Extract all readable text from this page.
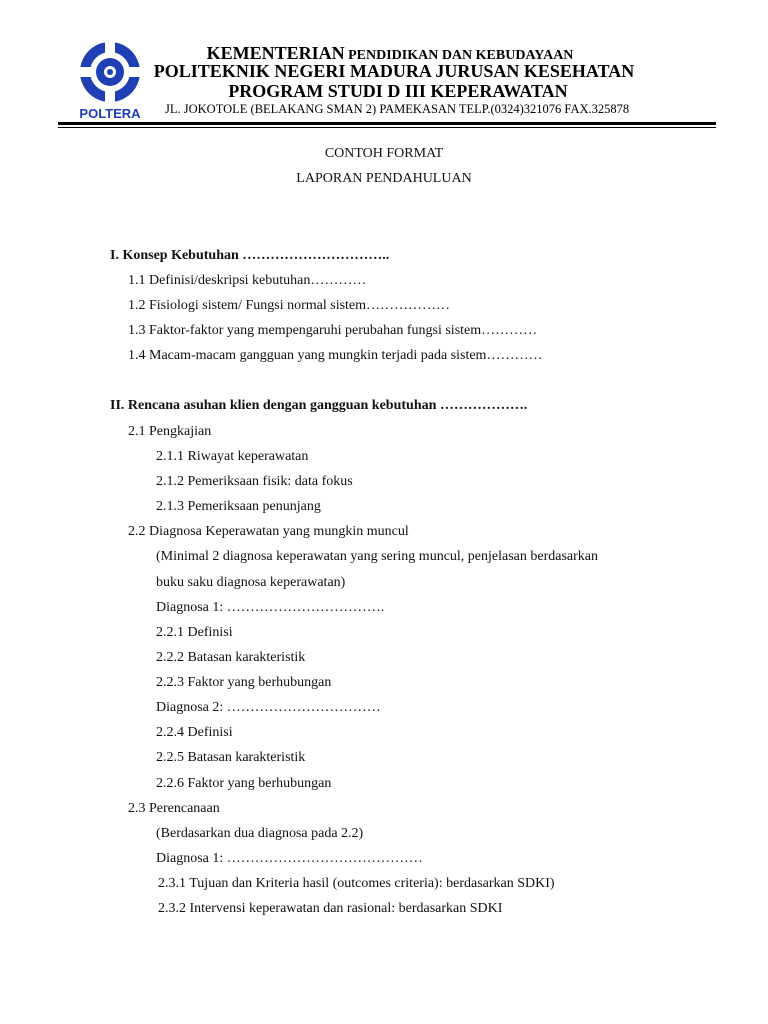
POLTERA
KEMENTERIAN PENDIDIKAN DAN KEBUDAYAAN
POLITEKNIK NEGERI MADURA JURUSAN KESEHATAN
PROGRAM STUDI D III KEPERAWATAN
JL. JOKOTOLE (BELAKANG SMAN 2) PAMEKASAN TELP.(0324)321076 FAX.325878
CONTOH FORMAT
LAPORAN PENDAHULUAN
I. Konsep Kebutuhan …………………………..
1.1 Definisi/deskripsi kebutuhan…………
1.2 Fisiologi sistem/ Fungsi normal sistem………………
1.3 Faktor-faktor yang mempengaruhi perubahan fungsi sistem…………
1.4 Macam-macam gangguan yang mungkin terjadi pada sistem…………
II. Rencana asuhan klien dengan gangguan kebutuhan ……………….
2.1 Pengkajian
2.1.1 Riwayat keperawatan
2.1.2 Pemeriksaan fisik: data fokus
2.1.3 Pemeriksaan penunjang
2.2 Diagnosa Keperawatan yang mungkin muncul
(Minimal 2 diagnosa keperawatan yang sering muncul, penjelasan berdasarkan
buku saku diagnosa keperawatan)
Diagnosa 1: …………………………….
2.2.1 Definisi
2.2.2 Batasan karakteristik
2.2.3 Faktor yang berhubungan
Diagnosa 2: ……………………………
2.2.4 Definisi
2.2.5 Batasan karakteristik
2.2.6 Faktor yang berhubungan
2.3 Perencanaan
(Berdasarkan dua diagnosa pada 2.2)
Diagnosa 1: ……………………………………
2.3.1 Tujuan dan Kriteria hasil (outcomes criteria): berdasarkan SDKI)
2.3.2 Intervensi keperawatan dan rasional: berdasarkan SDKI
